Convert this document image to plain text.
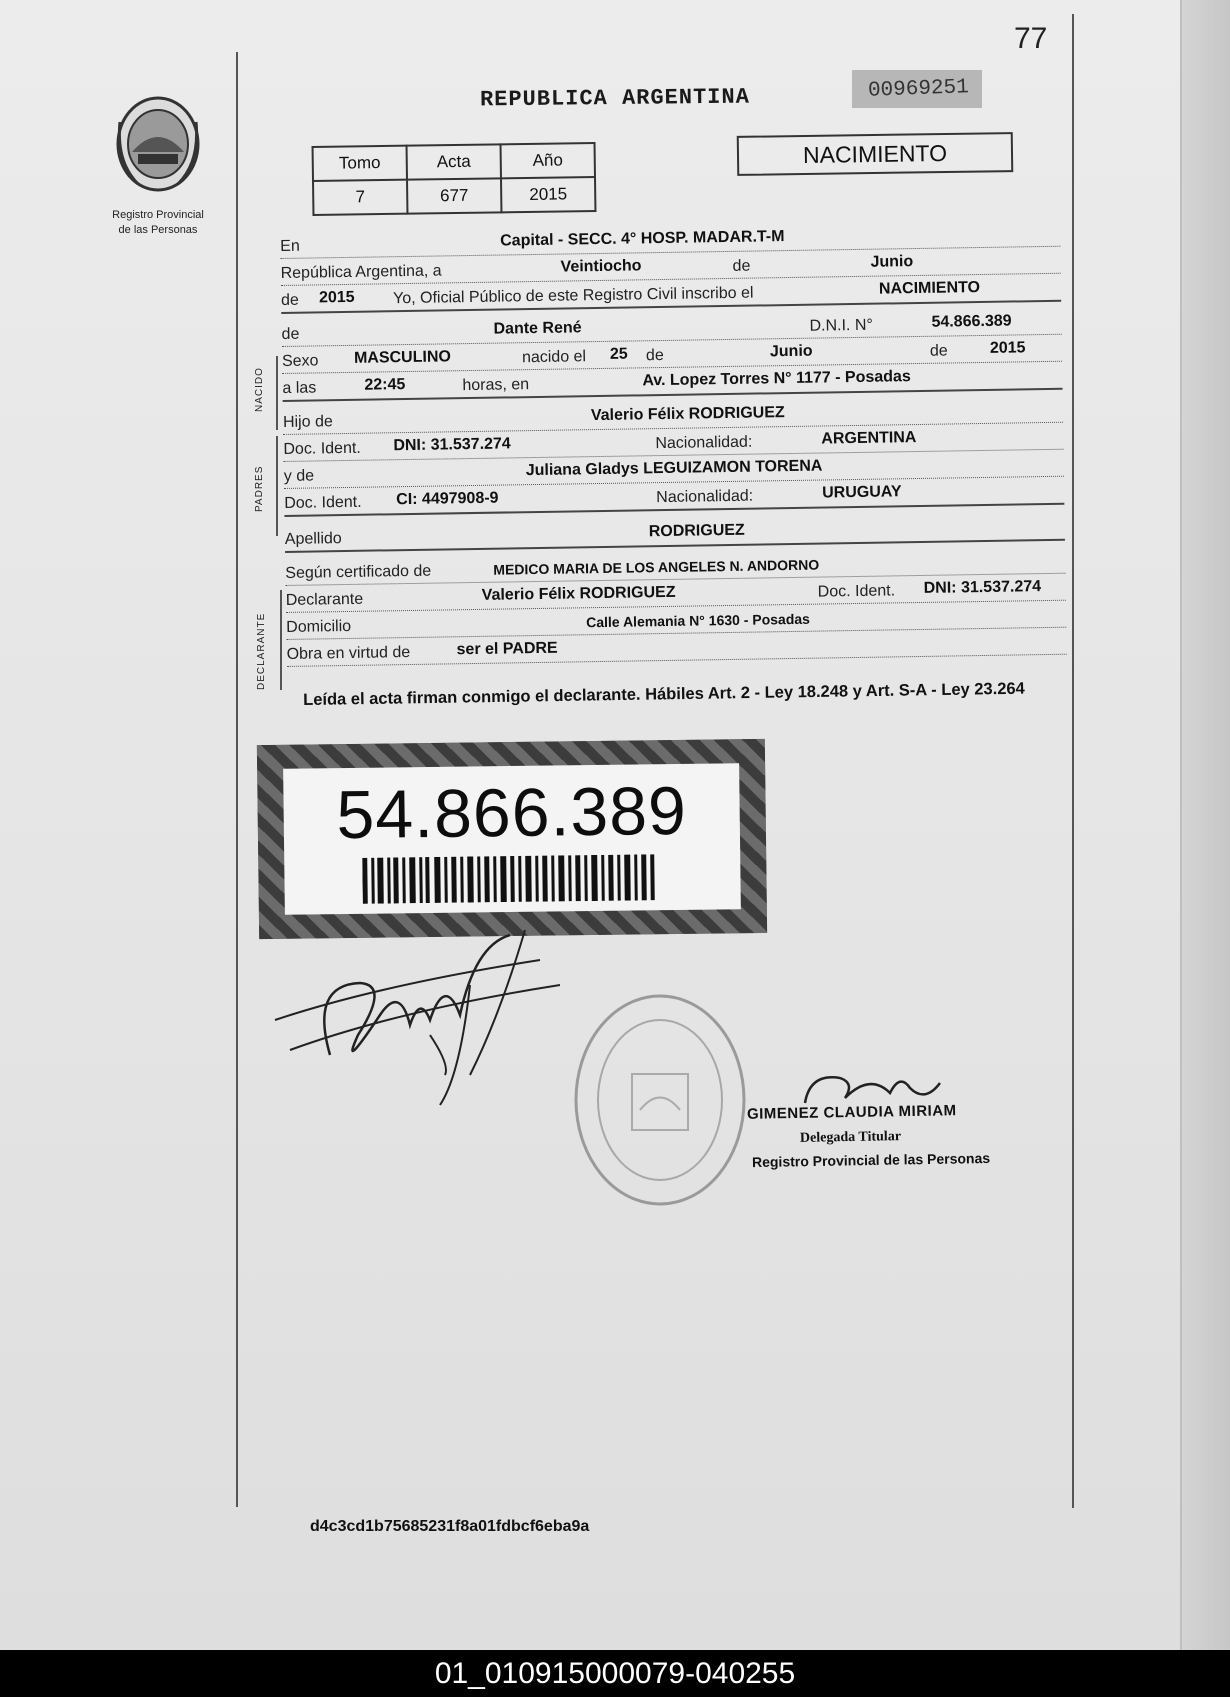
77
Registro Provincial
de las Personas
REPUBLICA ARGENTINA	00969251
NACIMIENTO
Tomo	Acta	Año
7	677	2015
NACIDO
PADRES
DECLARANTE
En	Capital - SECC. 4° HOSP. MADAR.T-M
República Argentina, a	Veintiocho	de	Junio
de 2015 Yo, Oficial Público de este Registro Civil inscribo el	NACIMIENTO
de	Dante René	D.N.I. N°	54.866.389
Sexo MASCULINO	nacido el 25 de	Junio	de	2015
a las	22:45	horas, en	Av. Lopez Torres N° 1177 - Posadas
Hijo de	Valerio Félix RODRIGUEZ
Doc. Ident. DNI: 31.537.274	Nacionalidad:	ARGENTINA
y de	Juliana Gladys LEGUIZAMON TORENA
Doc. Ident. CI: 4497908-9	Nacionalidad:	URUGUAY
Apellido	RODRIGUEZ
Según certificado de	MEDICO MARIA DE LOS ANGELES N. ANDORNO
Declarante	Valerio Félix RODRIGUEZ	Doc. Ident. DNI: 31.537.274
Domicilio	Calle Alemania N° 1630 - Posadas
Obra en virtud de	ser el PADRE
Leída el acta firman conmigo el declarante. Hábiles Art. 2 - Ley 18.248 y Art. S-A - Ley 23.264
54.866.389
GIMENEZ CLAUDIA MIRIAM
Delegada Titular
Registro Provincial de las Personas
d4c3cd1b75685231f8a01fdbcf6eba9a
01_010915000079-040255
